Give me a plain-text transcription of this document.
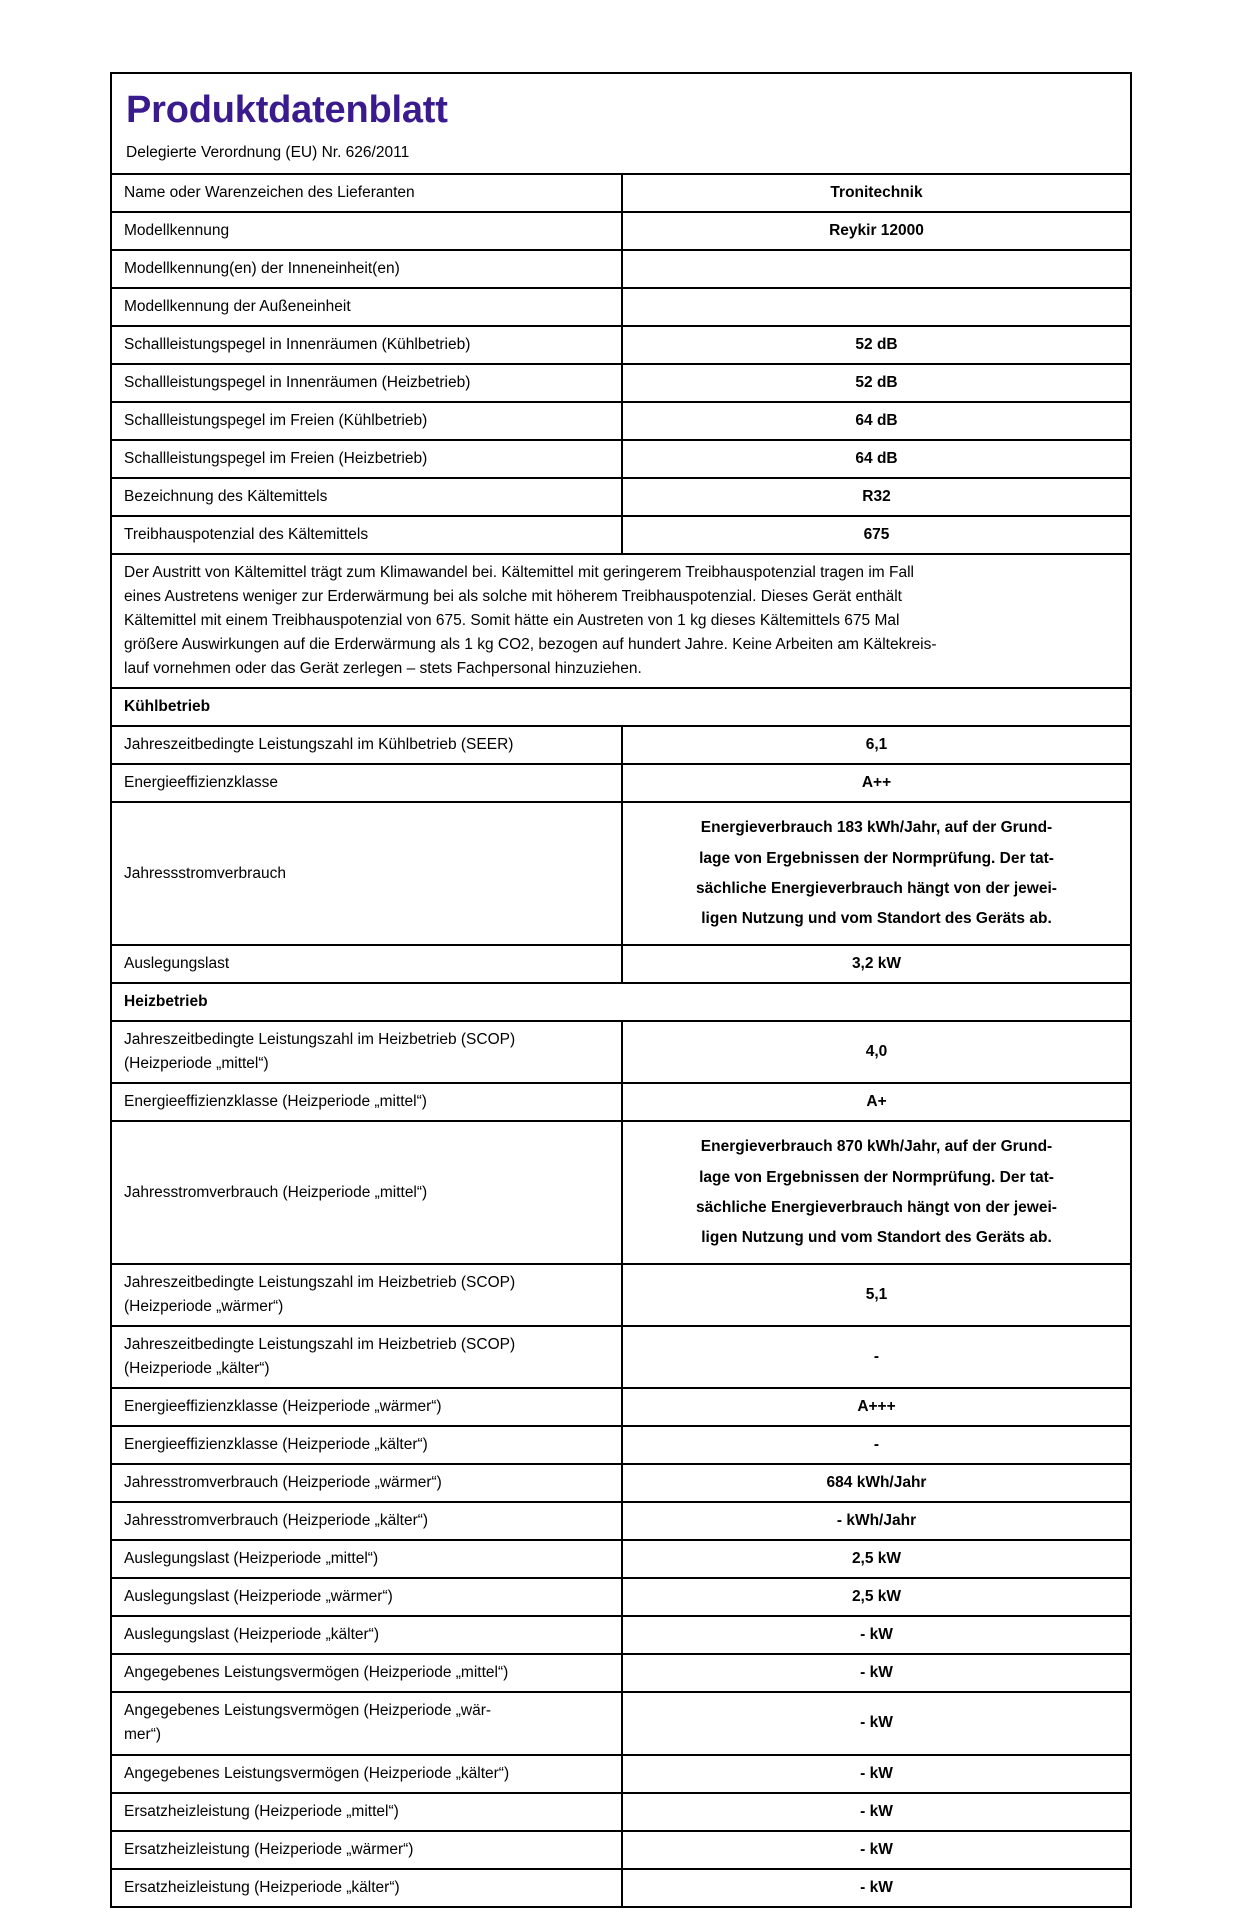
Produktdatenblatt
Delegierte Verordnung (EU) Nr. 626/2011
Name oder Warenzeichen des Lieferanten	Tronitechnik
Modellkennung	Reykir 12000
Modellkennung(en) der Inneneinheit(en)	
Modellkennung der Außeneinheit	
Schallleistungspegel in Innenräumen (Kühlbetrieb)	52 dB
Schallleistungspegel in Innenräumen (Heizbetrieb)	52 dB
Schallleistungspegel im Freien (Kühlbetrieb)	64 dB
Schallleistungspegel im Freien (Heizbetrieb)	64 dB
Bezeichnung des Kältemittels	R32
Treibhauspotenzial des Kältemittels	675

Der Austritt von Kältemittel trägt zum Klimawandel bei. Kältemittel mit geringerem Treibhauspotenzial tragen im Fall
eines Austretens weniger zur Erderwärmung bei als solche mit höherem Treibhauspotenzial. Dieses Gerät enthält
Kältemittel mit einem Treibhauspotenzial von 675. Somit hätte ein Austreten von 1 kg dieses Kältemittels 675 Mal
größere Auswirkungen auf die Erderwärmung als 1 kg CO2, bezogen auf hundert Jahre. Keine Arbeiten am Kältekreis-
lauf vornehmen oder das Gerät zerlegen – stets Fachpersonal hinzuziehen.	

Kühlbetrieb	
Jahreszeitbedingte Leistungszahl im Kühlbetrieb (SEER)	6,1
Energieeffizienzklasse	A++
Jahressstromverbrauch	Energieverbrauch 183 kWh/Jahr, auf der Grund-
lage von Ergebnissen der Normprüfung. Der tat-
sächliche Energieverbrauch hängt von der jewei-
ligen Nutzung und vom Standort des Geräts ab.

Auslegungslast	3,2 kW
Heizbetrieb	

Jahreszeitbedingte Leistungszahl im Heizbetrieb (SCOP)
(Heizperiode „mittel“)	4,0
Energieeffizienzklasse (Heizperiode „mittel“)	A+
Jahresstromverbrauch (Heizperiode „mittel“)	Energieverbrauch 870 kWh/Jahr, auf der Grund-
lage von Ergebnissen der Normprüfung. Der tat-
sächliche Energieverbrauch hängt von der jewei-
ligen Nutzung und vom Standort des Geräts ab.

Jahreszeitbedingte Leistungszahl im Heizbetrieb (SCOP)
(Heizperiode „wärmer“)	5,1

Jahreszeitbedingte Leistungszahl im Heizbetrieb (SCOP)
(Heizperiode „kälter“)	-
Energieeffizienzklasse (Heizperiode „wärmer“)	A+++
Energieeffizienzklasse (Heizperiode „kälter“)	-
Jahresstromverbrauch (Heizperiode „wärmer“)	684 kWh/Jahr
Jahresstromverbrauch (Heizperiode „kälter“)	- kWh/Jahr
Auslegungslast (Heizperiode „mittel“)	2,5 kW
Auslegungslast (Heizperiode „wärmer“)	2,5 kW
Auslegungslast (Heizperiode „kälter“)	- kW
Angegebenes Leistungsvermögen (Heizperiode „mittel“)	- kW

Angegebenes Leistungsvermögen (Heizperiode „wär-
mer“)	- kW
Angegebenes Leistungsvermögen (Heizperiode „kälter“)	- kW
Ersatzheizleistung (Heizperiode „mittel“)	- kW
Ersatzheizleistung (Heizperiode „wärmer“)	- kW
Ersatzheizleistung (Heizperiode „kälter“)	- kW
